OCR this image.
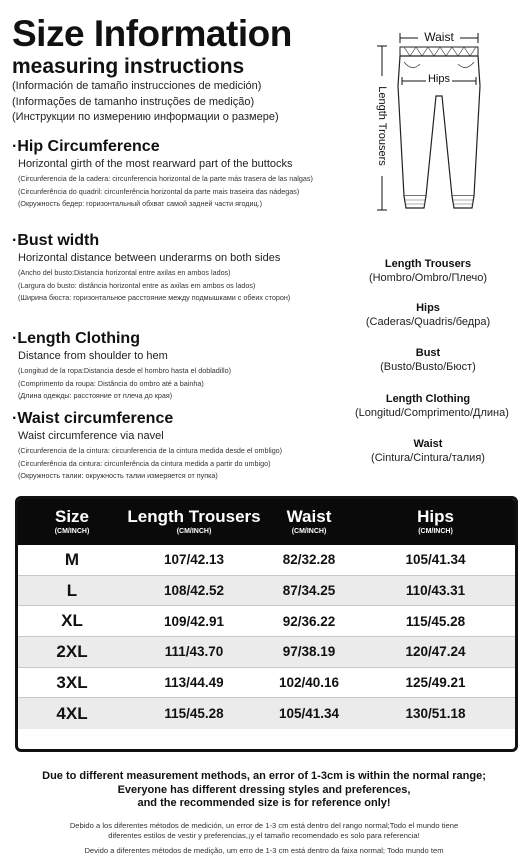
Size Information
measuring instructions
(Información de tamaño instrucciones de medición)
(Informações de tamanho instruções de medição)
(Инструкции по измерению информации о размере)
·Hip Circumference
Horizontal girth of the most rearward part of the buttocks
(Circunferencia de la cadera: circunferencia horizontal de la parte más trasera de las nalgas)
(Circunferência do quadril: circunferência horizontal da parte mais traseira das nádegas)
(Окружность бедер: горизонтальный обхват самой задней части ягодиц.)
·Bust width
Horizontal distance between underarms on both sides
(Ancho del busto:Distancia horizontal entre axilas en ambos lados)
(Largura do busto: distância horizontal entre as axilas em ambos os lados)
(Ширина бюста: горизонтальное расстояние между подмышками с обеих сторон)
·Length Clothing
Distance from shoulder to hem
(Longitud de la ropa:Distancia desde el hombro hasta el dobladillo)
(Comprimento da roupa: Distância do ombro até a bainha)
(Длина одежды: расстояние от плеча до края)
·Waist circumference
Waist circumference via navel
(Circunferencia de la cintura: circunferencia de la cintura medida desde el ombligo)
(Circunferência da cintura: circunferência da cintura medida a partir do umbigo)
(Окружность талии: окружность талии измеряется от пупка)
Waist
Length Trousers
Hips
Length Trousers
(Hombro/Ombro/Плечо)
Hips
(Caderas/Quadris/бедра)
Bust
(Busto/Busto/Бюст)
Length Clothing
(Longitud/Comprimento/Длина)
Waist
(Cintura/Cintura/талия)
Size
(CM/INCH)
Length Trousers
(CM/INCH)
Waist
(CM/INCH)
Hips
(CM/INCH)
M	107/42.13	82/32.28	105/41.34
L	108/42.52	87/34.25	110/43.31
XL	109/42.91	92/36.22	115/45.28
2XL	111/43.70	97/38.19	120/47.24
3XL	113/44.49	102/40.16	125/49.21
4XL	115/45.28	105/41.34	130/51.18
Due to different measurement methods, an error of 1-3cm is within the normal range;
Everyone has different dressing styles and preferences,
and the recommended size is for reference only!
Debido a los diferentes métodos de medición, un error de 1-3 cm está dentro del rango normal;Todo el mundo tiene
diferentes estilos de vestir y preferencias,¡y el tamaño recomendado es solo para referencia!
Devido a diferentes métodos de medição, um erro de 1-3 cm está dentro da faixa normal; Todo mundo tem
